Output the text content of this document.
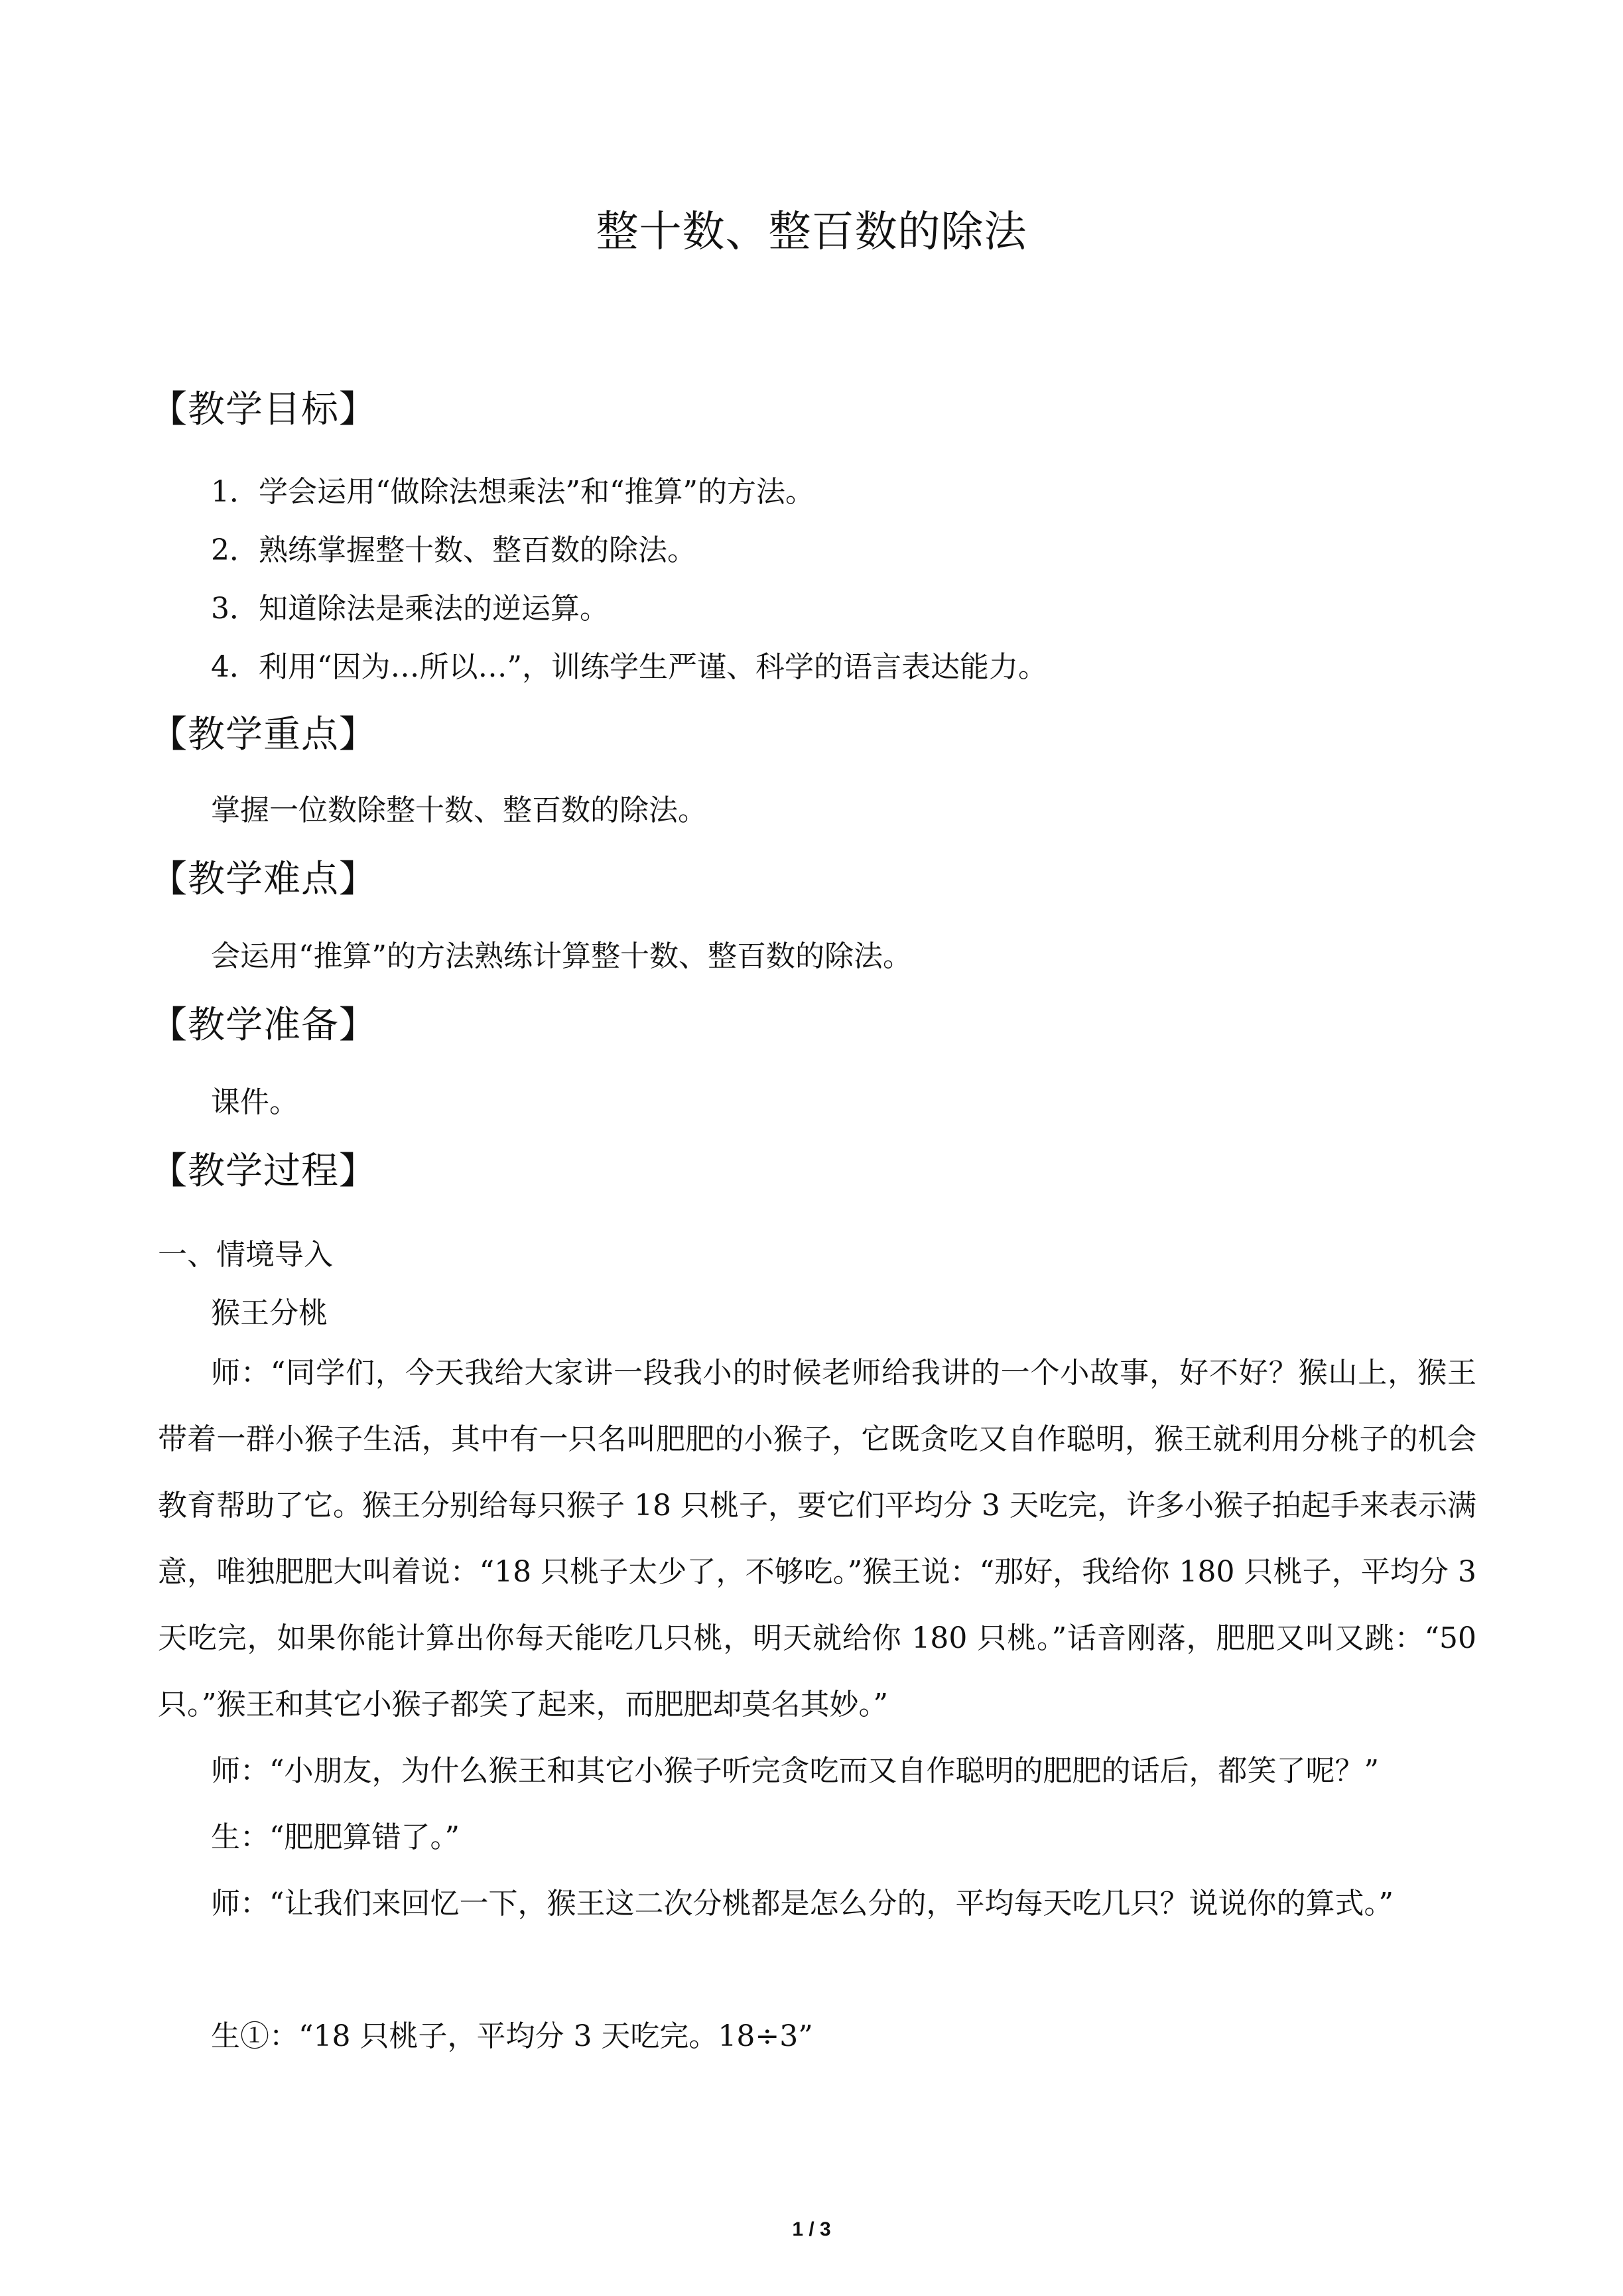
整十数、整百数的除法
【教学目标】
1．学会运用“做除法想乘法”和“推算”的方法。
2．熟练掌握整十数、整百数的除法。
3．知道除法是乘法的逆运算。
4．利用“因为…所以…”，训练学生严谨、科学的语言表达能力。
【教学重点】
掌握一位数除整十数、整百数的除法。
【教学难点】
会运用“推算”的方法熟练计算整十数、整百数的除法。
【教学准备】
课件。
【教学过程】
一、情境导入
猴王分桃
师：“同学们，今天我给大家讲一段我小的时候老师给我讲的一个小故事，好不好？猴山上，猴王带着一群小猴子生活，其中有一只名叫肥肥的小猴子，它既贪吃又自作聪明，猴王就利用分桃子的机会教育帮助了它。猴王分别给每只猴子 18 只桃子，要它们平均分 3 天吃完，许多小猴子拍起手来表示满意，唯独肥肥大叫着说：“18 只桃子太少了，不够吃。”猴王说：“那好，我给你 180 只桃子，平均分 3 天吃完，如果你能计算出你每天能吃几只桃，明天就给你 180 只桃。”话音刚落，肥肥又叫又跳：“50 只。”猴王和其它小猴子都笑了起来，而肥肥却莫名其妙。”
师：“小朋友，为什么猴王和其它小猴子听完贪吃而又自作聪明的肥肥的话后，都笑了呢？”
生：“肥肥算错了。”
师：“让我们来回忆一下，猴王这二次分桃都是怎么分的，平均每天吃几只？说说你的算式。”
生①：“18 只桃子，平均分 3 天吃完。18÷3”
1 / 3
